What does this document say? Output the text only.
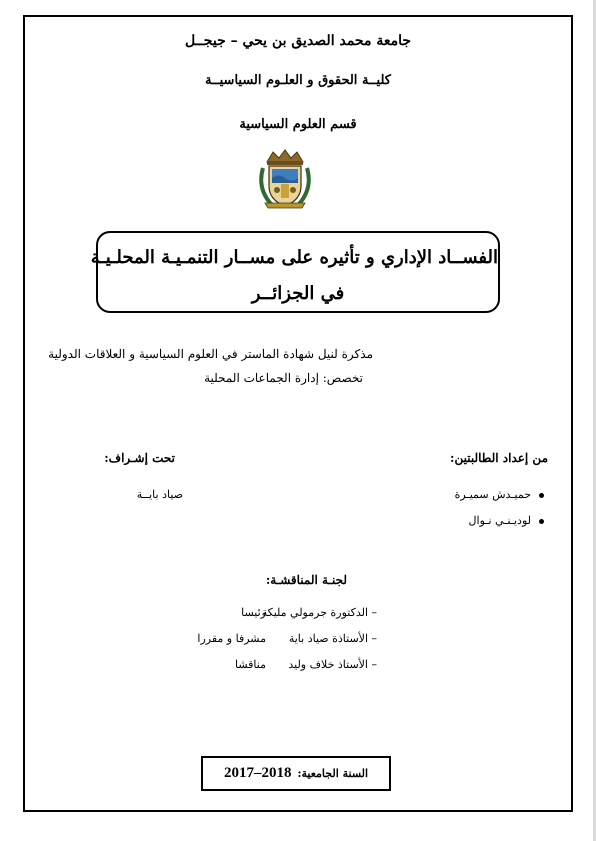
جامعة محمد الصديق بن يحي – جيجــل
كليــة الحقوق و العلـوم السياسيــة
قسم العلوم السياسية
الفســاد الإداري و تأثيره على مســار التنمـيـة المحلـيـة
في الجزائــر
مذكرة لنيل شهادة الماستر في العلوم السياسية و العلاقات الدولية
تخصص: إدارة الجماعات المحلية
من إعداد الطالبتين:
حميـدش سميـرة
لوديـنـي نـوال
تحت إشـراف:
صياد بايــة
لجنـة المناقشـة:
– الدكتورة جرمولي مليكة
رئيسا
– الأستاذة صياد باية
مشرفا و مقررا
– الأستاذ خلاف وليد
مناقشا
السنة الجامعية:
2018–2017
